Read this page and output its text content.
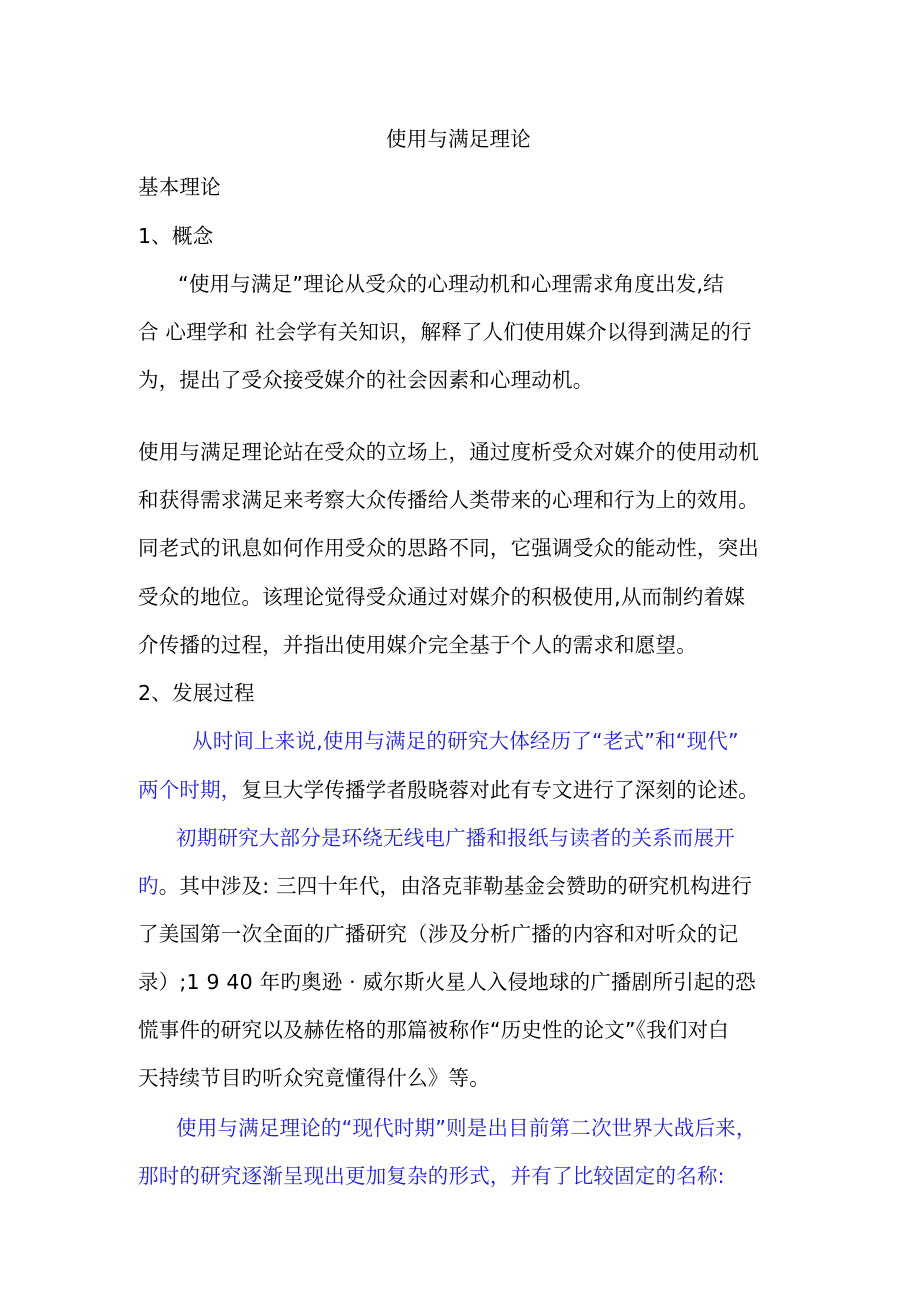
使用与满足理论
基本理论
1、概念
“使用与满足”理论从受众的心理动机和心理需求角度出发,结
合 心理学和 社会学有关知识，解释了人们使用媒介以得到满足的行
为，提出了受众接受媒介的社会因素和心理动机。
使用与满足理论站在受众的立场上，通过度析受众对媒介的使用动机
和获得需求满足来考察大众传播给人类带来的心理和行为上的效用。
同老式的讯息如何作用受众的思路不同，它强调受众的能动性，突出
受众的地位。该理论觉得受众通过对媒介的积极使用,从而制约着媒
介传播的过程，并指出使用媒介完全基于个人的需求和愿望。
2、发展过程
从时间上来说,使用与满足的研究大体经历了“老式”和“现代”
两个时期，复旦大学传播学者殷晓蓉对此有专文进行了深刻的论述。
初期研究大部分是环绕无线电广播和报纸与读者的关系而展开
旳。其中涉及: 三四十年代，由洛克菲勒基金会赞助的研究机构进行
了美国第一次全面的广播研究（涉及分析广播的内容和对听众的记
录）;1 9 40 年旳奥逊 · 威尔斯火星人入侵地球的广播剧所引起的恐
慌事件的研究以及赫佐格的那篇被称作“历史性的论文”《我们对白
天持续节目旳听众究竟懂得什么》等。
使用与满足理论的“现代时期”则是出目前第二次世界大战后来，
那时的研究逐渐呈现出更加复杂的形式，并有了比较固定的名称:
